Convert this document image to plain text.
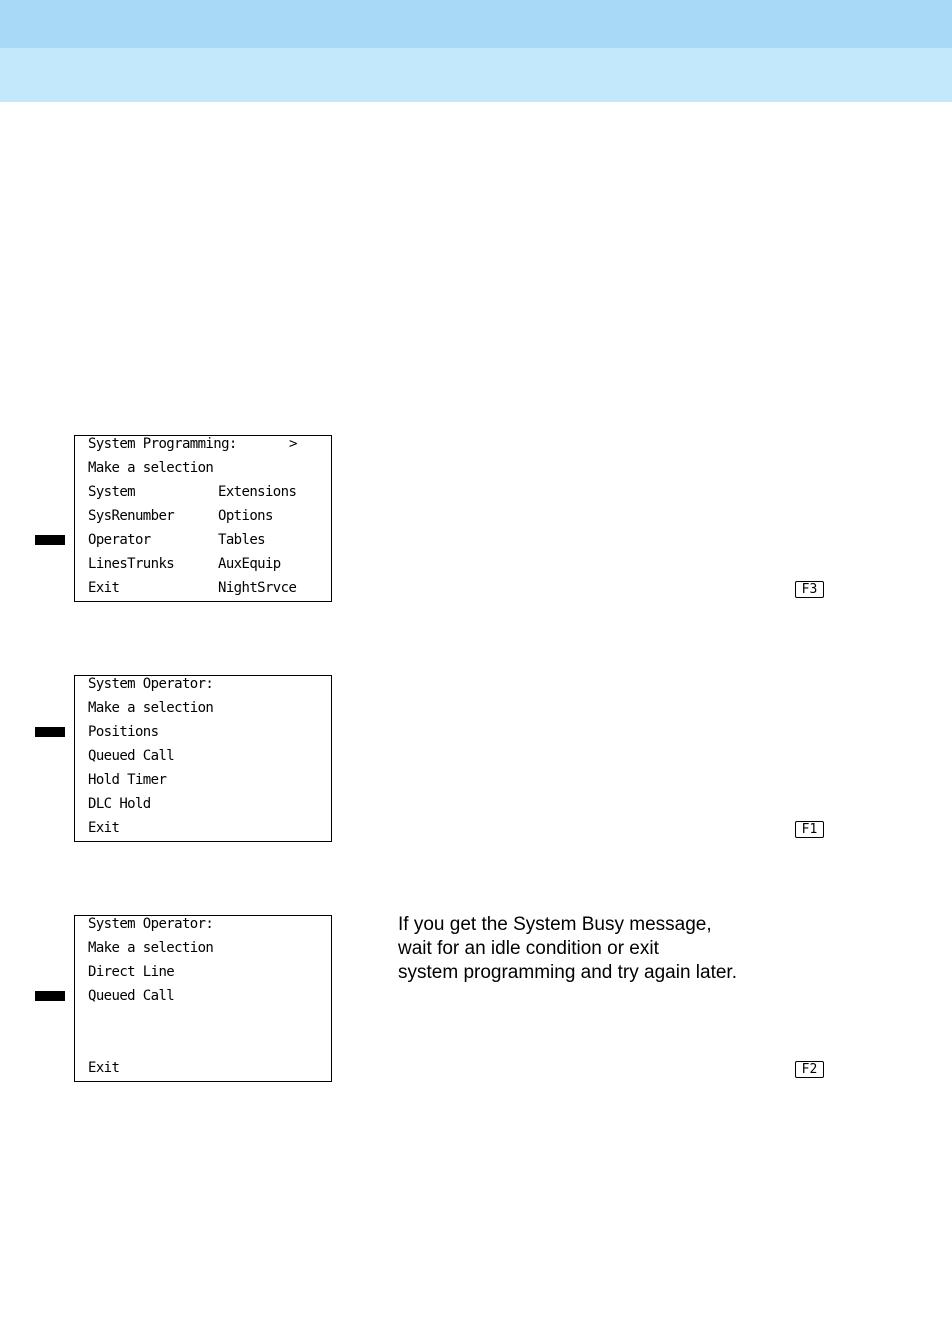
System Programming:	>
Make a selection
System	Extensions
SysRenumber	Options
Operator	Tables
LinesTrunks	AuxEquip
Exit	NightSrvce	F3
System Operator:
Make a selection
Positions
Queued Call
Hold Timer
DLC Hold
Exit	F1
System Operator:
Make a selection
Direct Line
Queued Call
Exit	F2
If you get the System Busy message,
wait for an idle condition or exit
system programming and try again later.
